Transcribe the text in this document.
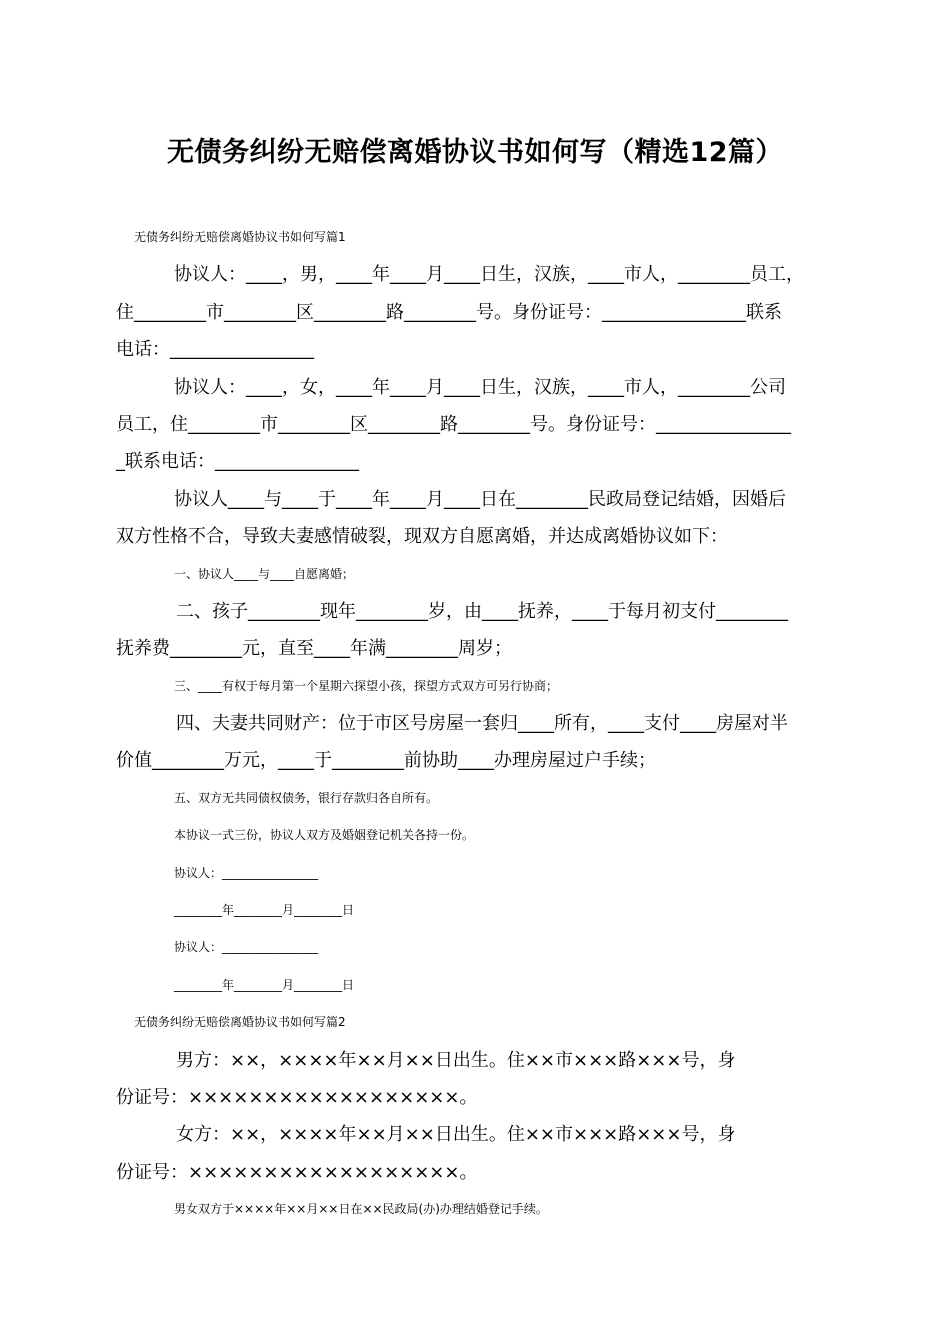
无债务纠纷无赔偿离婚协议书如何写（精选12篇）
无债务纠纷无赔偿离婚协议书如何写篇1
协议人：____，男，____年____月____日生，汉族，____市人，________员工，
住________市________区________路________号。身份证号：________________联系
电话：________________
协议人：____，女，____年____月____日生，汉族，____市人，________公司
员工，住________市________区________路________号。身份证号：_______________
_联系电话：________________
协议人____与____于____年____月____日在________民政局登记结婚，因婚后
双方性格不合，导致夫妻感情破裂，现双方自愿离婚，并达成离婚协议如下：
一、协议人____与____自愿离婚；
二、孩子________现年________岁，由____抚养，____于每月初支付________
抚养费________元，直至____年满________周岁；
三、____有权于每月第一个星期六探望小孩，探望方式双方可另行协商；
四、夫妻共同财产：位于市区号房屋一套归____所有，____支付____房屋对半
价值________万元，____于________前协助____办理房屋过户手续；
五、双方无共同债权债务，银行存款归各自所有。
本协议一式三份，协议人双方及婚姻登记机关各持一份。
协议人：________________
________年________月________日
协议人：________________
________年________月________日
无债务纠纷无赔偿离婚协议书如何写篇2
男方：××，××××年××月××日出生。住××市×××路×××号，身
份证号：××××××××××××××××××。
女方：××，××××年××月××日出生。住××市×××路×××号，身
份证号：××××××××××××××××××。
男女双方于××××年××月××日在××民政局(办)办理结婚登记手续。
